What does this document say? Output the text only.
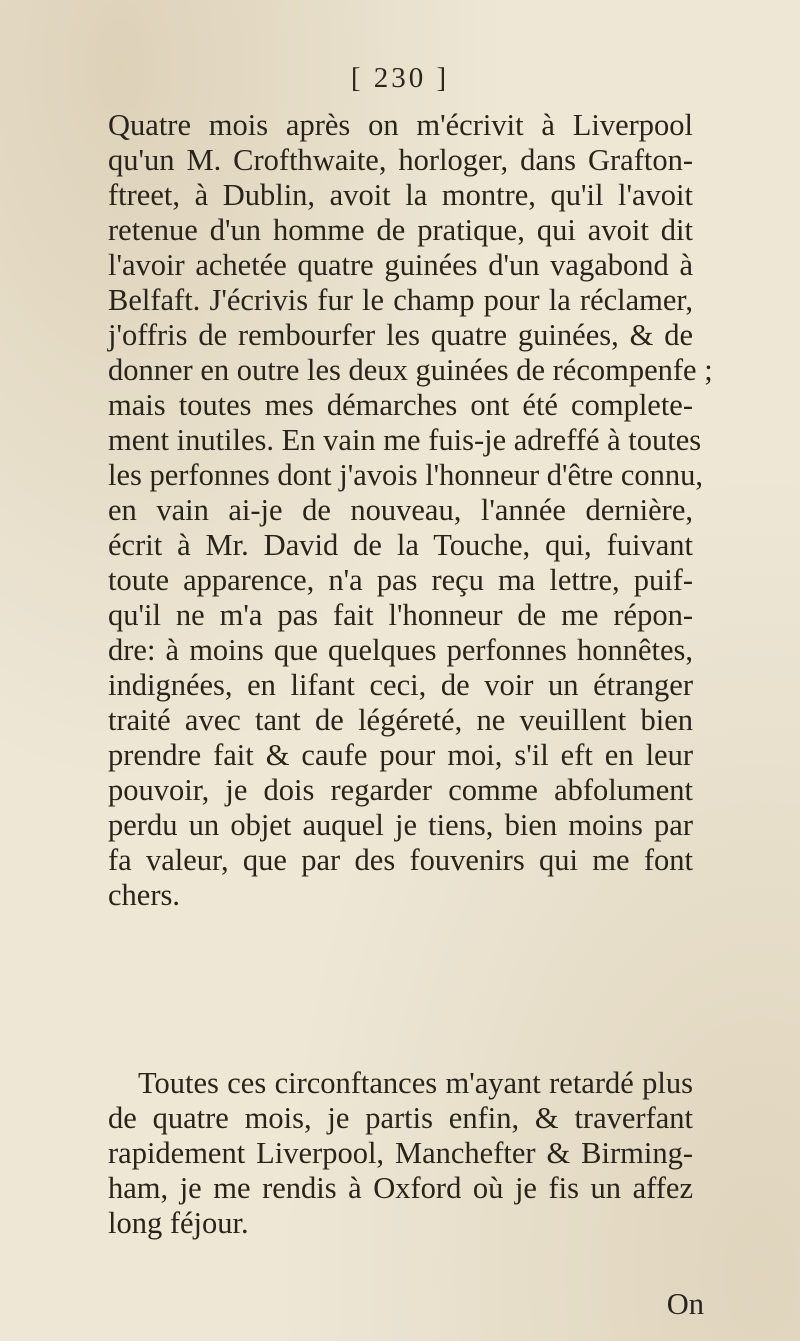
[ 230 ]
Quatre mois après on m'écrivit à Liverpool
qu'un M. Crofthwaite, horloger, dans Grafton-
ftreet, à Dublin, avoit la montre, qu'il l'avoit
retenue d'un homme de pratique, qui avoit dit
l'avoir achetée quatre guinées d'un vagabond à
Belfaft. J'écrivis fur le champ pour la réclamer,
j'offris de rembourfer les quatre guinées, & de
donner en outre les deux guinées de récompenfe ;
mais toutes mes démarches ont été complete-
ment inutiles. En vain me fuis-je adreffé à toutes
les perfonnes dont j'avois l'honneur d'être connu,
en vain ai-je de nouveau, l'année dernière,
écrit à Mr. David de la Touche, qui, fuivant
toute apparence, n'a pas reçu ma lettre, puif-
qu'il ne m'a pas fait l'honneur de me répon-
dre: à moins que quelques perfonnes honnêtes,
indignées, en lifant ceci, de voir un étranger
traité avec tant de légéreté, ne veuillent bien
prendre fait & caufe pour moi, s'il eft en leur
pouvoir, je dois regarder comme abfolument
perdu un objet auquel je tiens, bien moins par
fa valeur, que par des fouvenirs qui me font
chers.
Toutes ces circonftances m'ayant retardé plus
de quatre mois, je partis enfin, & traverfant
rapidement Liverpool, Manchefter & Birming-
ham, je me rendis à Oxford où je fis un affez
long féjour.
On
